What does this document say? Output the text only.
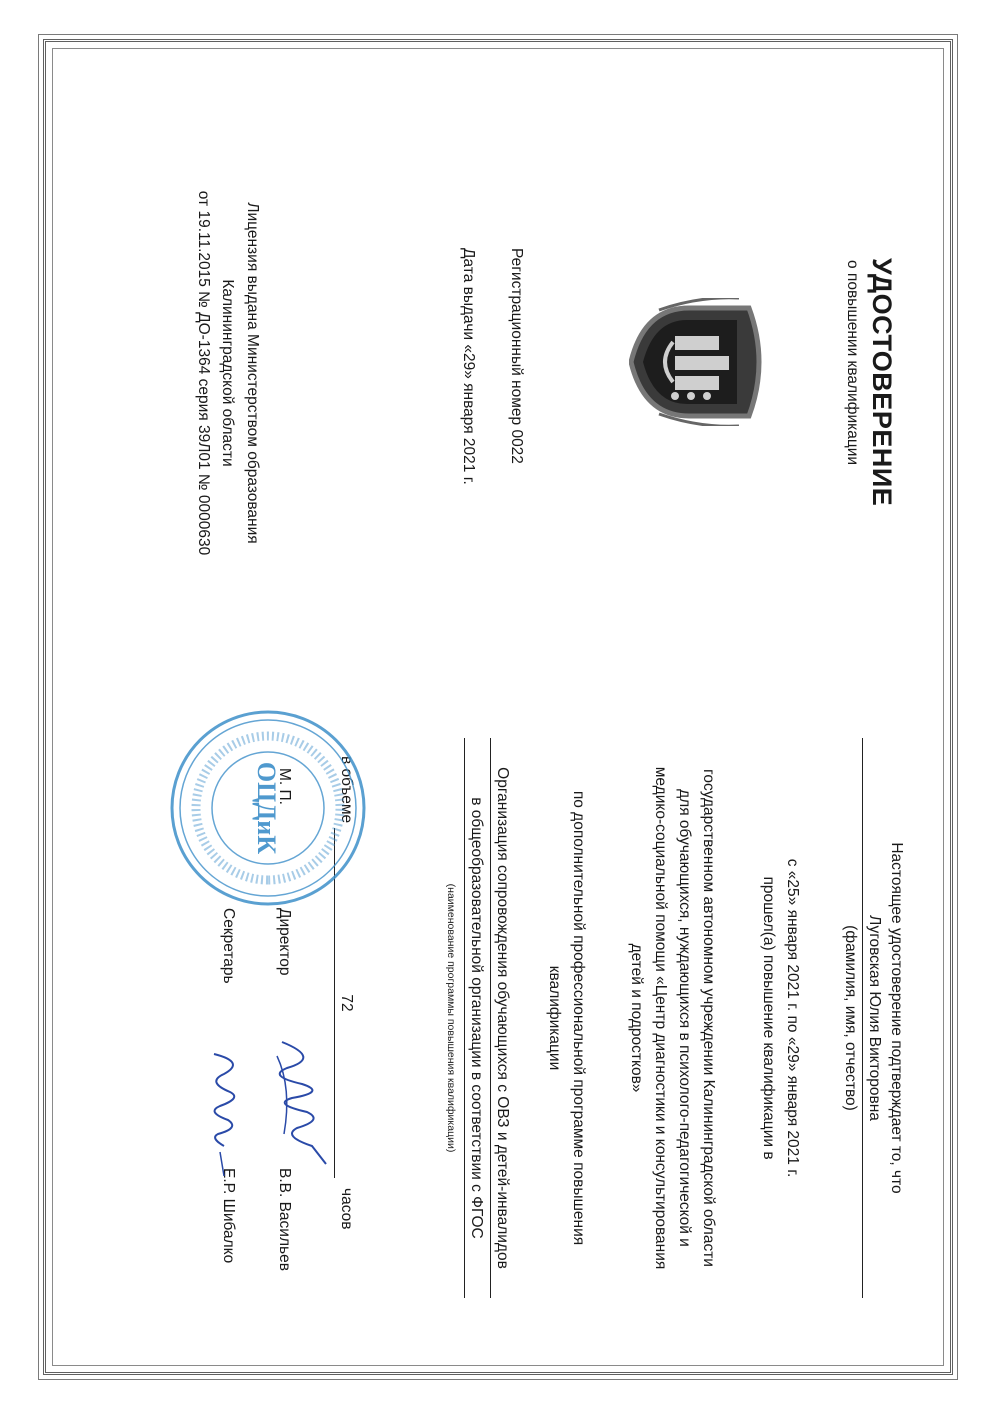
УДОСТОВЕРЕНИЕ
о повышении квалификации
Регистрационный номер 0022
Дата выдачи «29» января 2021 г.
Лицензия выдана Министерством образования
Калининградской области
от 19.11.2015 № ДО-1364 серия 39Л01 № 0000630
Настоящее удостоверение подтверждает то, что
Луговская Юлия Викторовна
(фамилия, имя, отчество)
с «25» января 2021 г. по «29» января 2021 г.
прошел(а) повышение квалификации в
государственном автономном учреждении Калининградской области
для обучающихся, нуждающихся в психолого-педагогической и
медико-социальной помощи «Центр диагностики и консультирования
детей и подростков»
по дополнительной профессиональной программе повышения
квалификации
Организация сопровождения обучающихся с ОВЗ и детей-инвалидов
в общеобразовательной организации в соответствии с ФГОС
(наименование программы повышения квалификации)
в объеме
72
часов
ОЦДиК
М. П.
Директор
В.В. Васильев
Секретарь
Е.Р. Шибалко
